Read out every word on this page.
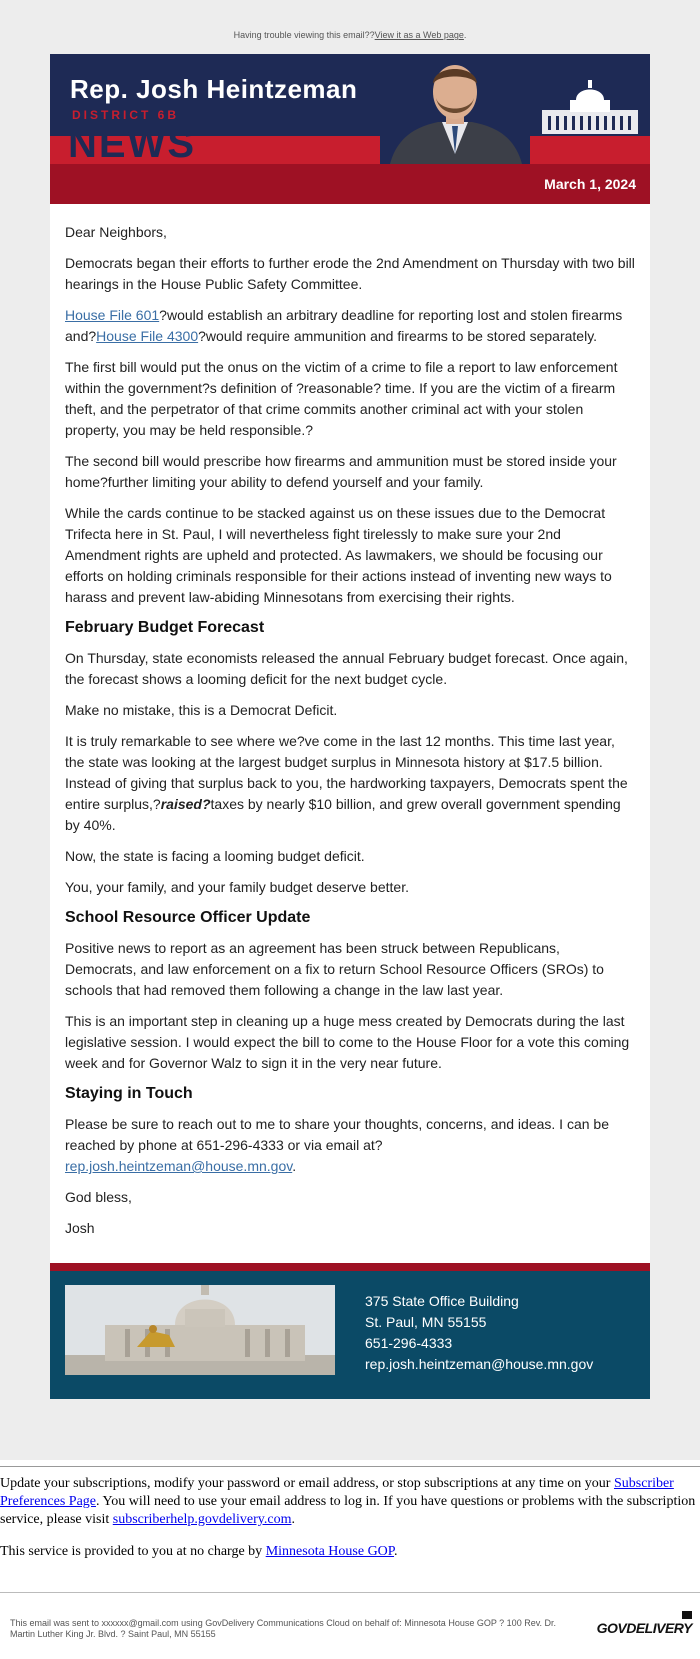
Having trouble viewing this email??View it as a Web page.
Rep. Josh Heintzeman
DISTRICT 6B
NEWS
March 1, 2024

Dear Neighbors,

Democrats began their efforts to further erode the 2nd Amendment on Thursday with two bill hearings in the House Public Safety Committee.

House File 601?would establish an arbitrary deadline for reporting lost and stolen firearms and?House File 4300?would require ammunition and firearms to be stored separately.

The first bill would put the onus on the victim of a crime to file a report to law enforcement within the government?s definition of ?reasonable? time. If you are the victim of a firearm theft, and the perpetrator of that crime commits another criminal act with your stolen property, you may be held responsible.?

The second bill would prescribe how firearms and ammunition must be stored inside your home?further limiting your ability to defend yourself and your family.

While the cards continue to be stacked against us on these issues due to the Democrat Trifecta here in St. Paul, I will nevertheless fight tirelessly to make sure your 2nd Amendment rights are upheld and protected. As lawmakers, we should be focusing our efforts on holding criminals responsible for their actions instead of inventing new ways to harass and prevent law-abiding Minnesotans from exercising their rights.

February Budget Forecast

On Thursday, state economists released the annual February budget forecast. Once again, the forecast shows a looming deficit for the next budget cycle.

Make no mistake, this is a Democrat Deficit.

It is truly remarkable to see where we?ve come in the last 12 months. This time last year, the state was looking at the largest budget surplus in Minnesota history at $17.5 billion. Instead of giving that surplus back to you, the hardworking taxpayers, Democrats spent the entire surplus,?raised?taxes by nearly $10 billion, and grew overall government spending by 40%.

Now, the state is facing a looming budget deficit.

You, your family, and your family budget deserve better.

School Resource Officer Update

Positive news to report as an agreement has been struck between Republicans, Democrats, and law enforcement on a fix to return School Resource Officers (SROs) to schools that had removed them following a change in the law last year.

This is an important step in cleaning up a huge mess created by Democrats during the last legislative session. I would expect the bill to come to the House Floor for a vote this coming week and for Governor Walz to sign it in the very near future.

Staying in Touch

Please be sure to reach out to me to share your thoughts, concerns, and ideas. I can be reached by phone at 651-296-4333 or via email at?
rep.josh.heintzeman@house.mn.gov.

God bless,

Josh

375 State Office Building
St. Paul, MN 55155
651-296-4333
rep.josh.heintzeman@house.mn.gov

Update your subscriptions, modify your password or email address, or stop subscriptions at any time on your Subscriber Preferences Page. You will need to use your email address to log in. If you have questions or problems with the subscription service, please visit subscriberhelp.govdelivery.com.

This service is provided to you at no charge by Minnesota House GOP.

This email was sent to xxxxxx@gmail.com using GovDelivery Communications Cloud on behalf of: Minnesota House GOP ? 100 Rev. Dr. Martin Luther King Jr. Blvd. ? Saint Paul, MN 55155	GOVDELIVERY
